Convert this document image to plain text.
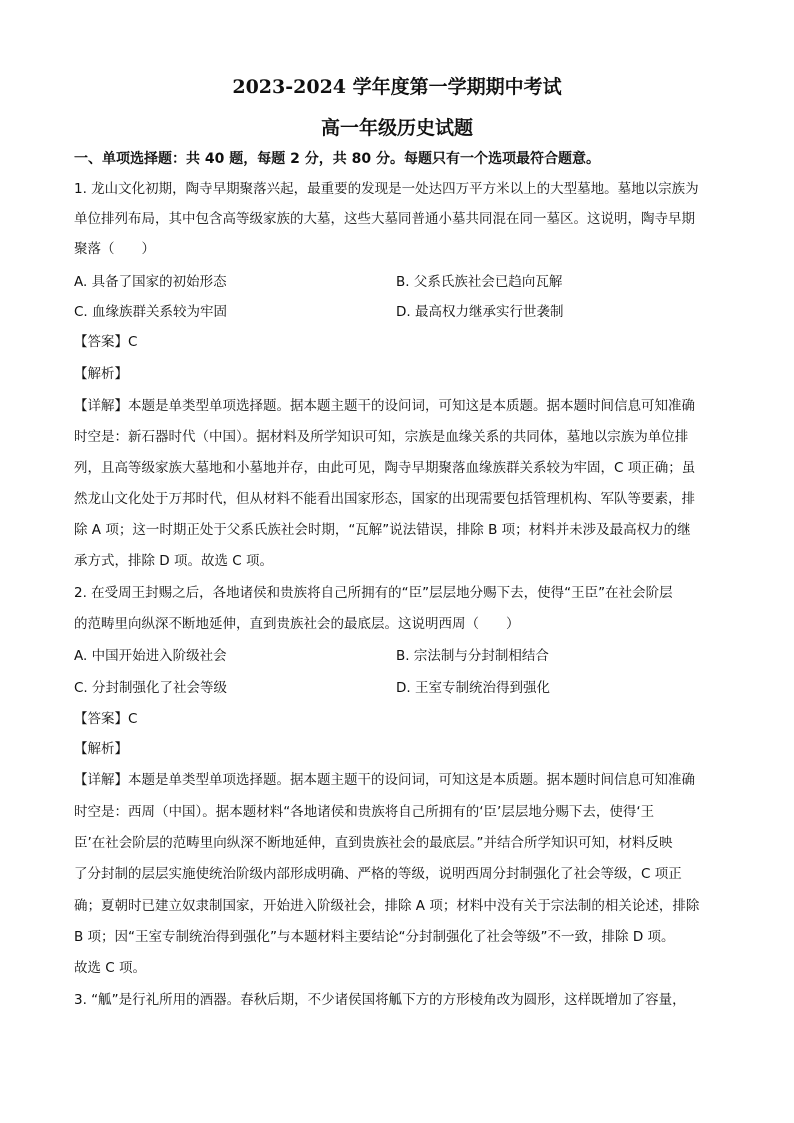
2023-2024 学年度第一学期期中考试
高一年级历史试题
一、单项选择题：共 40 题，每题 2 分，共 80 分。每题只有一个选项最符合题意。
1. 龙山文化初期，陶寺早期聚落兴起，最重要的发现是一处达四万平方米以上的大型墓地。墓地以宗族为
单位排列布局，其中包含高等级家族的大墓，这些大墓同普通小墓共同混在同一墓区。这说明，陶寺早期
聚落（　　）
A. 具备了国家的初始形态	B. 父系氏族社会已趋向瓦解
C. 血缘族群关系较为牢固	D. 最高权力继承实行世袭制
【答案】C
【解析】
【详解】本题是单类型单项选择题。据本题主题干的设问词，可知这是本质题。据本题时间信息可知准确
时空是：新石器时代（中国）。据材料及所学知识可知，宗族是血缘关系的共同体，墓地以宗族为单位排
列，且高等级家族大墓地和小墓地并存，由此可见，陶寺早期聚落血缘族群关系较为牢固，C 项正确；虽
然龙山文化处于万邦时代，但从材料不能看出国家形态，国家的出现需要包括管理机构、军队等要素，排
除 A 项；这一时期正处于父系氏族社会时期，“瓦解”说法错误，排除 B 项；材料并未涉及最高权力的继
承方式，排除 D 项。故选 C 项。
2. 在受周王封赐之后，各地诸侯和贵族将自己所拥有的“臣”层层地分赐下去，使得“王臣”在社会阶层
的范畴里向纵深不断地延伸，直到贵族社会的最底层。这说明西周（　　）
A. 中国开始进入阶级社会	B. 宗法制与分封制相结合
C. 分封制强化了社会等级	D. 王室专制统治得到强化
【答案】C
【解析】
【详解】本题是单类型单项选择题。据本题主题干的设问词，可知这是本质题。据本题时间信息可知准确
时空是：西周（中国）。据本题材料“各地诸侯和贵族将自己所拥有的‘臣’层层地分赐下去，使得‘王
臣’在社会阶层的范畴里向纵深不断地延伸，直到贵族社会的最底层。”并结合所学知识可知，材料反映
了分封制的层层实施使统治阶级内部形成明确、严格的等级，说明西周分封制强化了社会等级，C 项正
确；夏朝时已建立奴隶制国家，开始进入阶级社会，排除 A 项；材料中没有关于宗法制的相关论述，排除
B 项；因“王室专制统治得到强化”与本题材料主要结论“分封制强化了社会等级”不一致，排除 D 项。
故选 C 项。
3. “觚”是行礼所用的酒器。春秋后期，不少诸侯国将觚下方的方形棱角改为圆形，这样既增加了容量，
